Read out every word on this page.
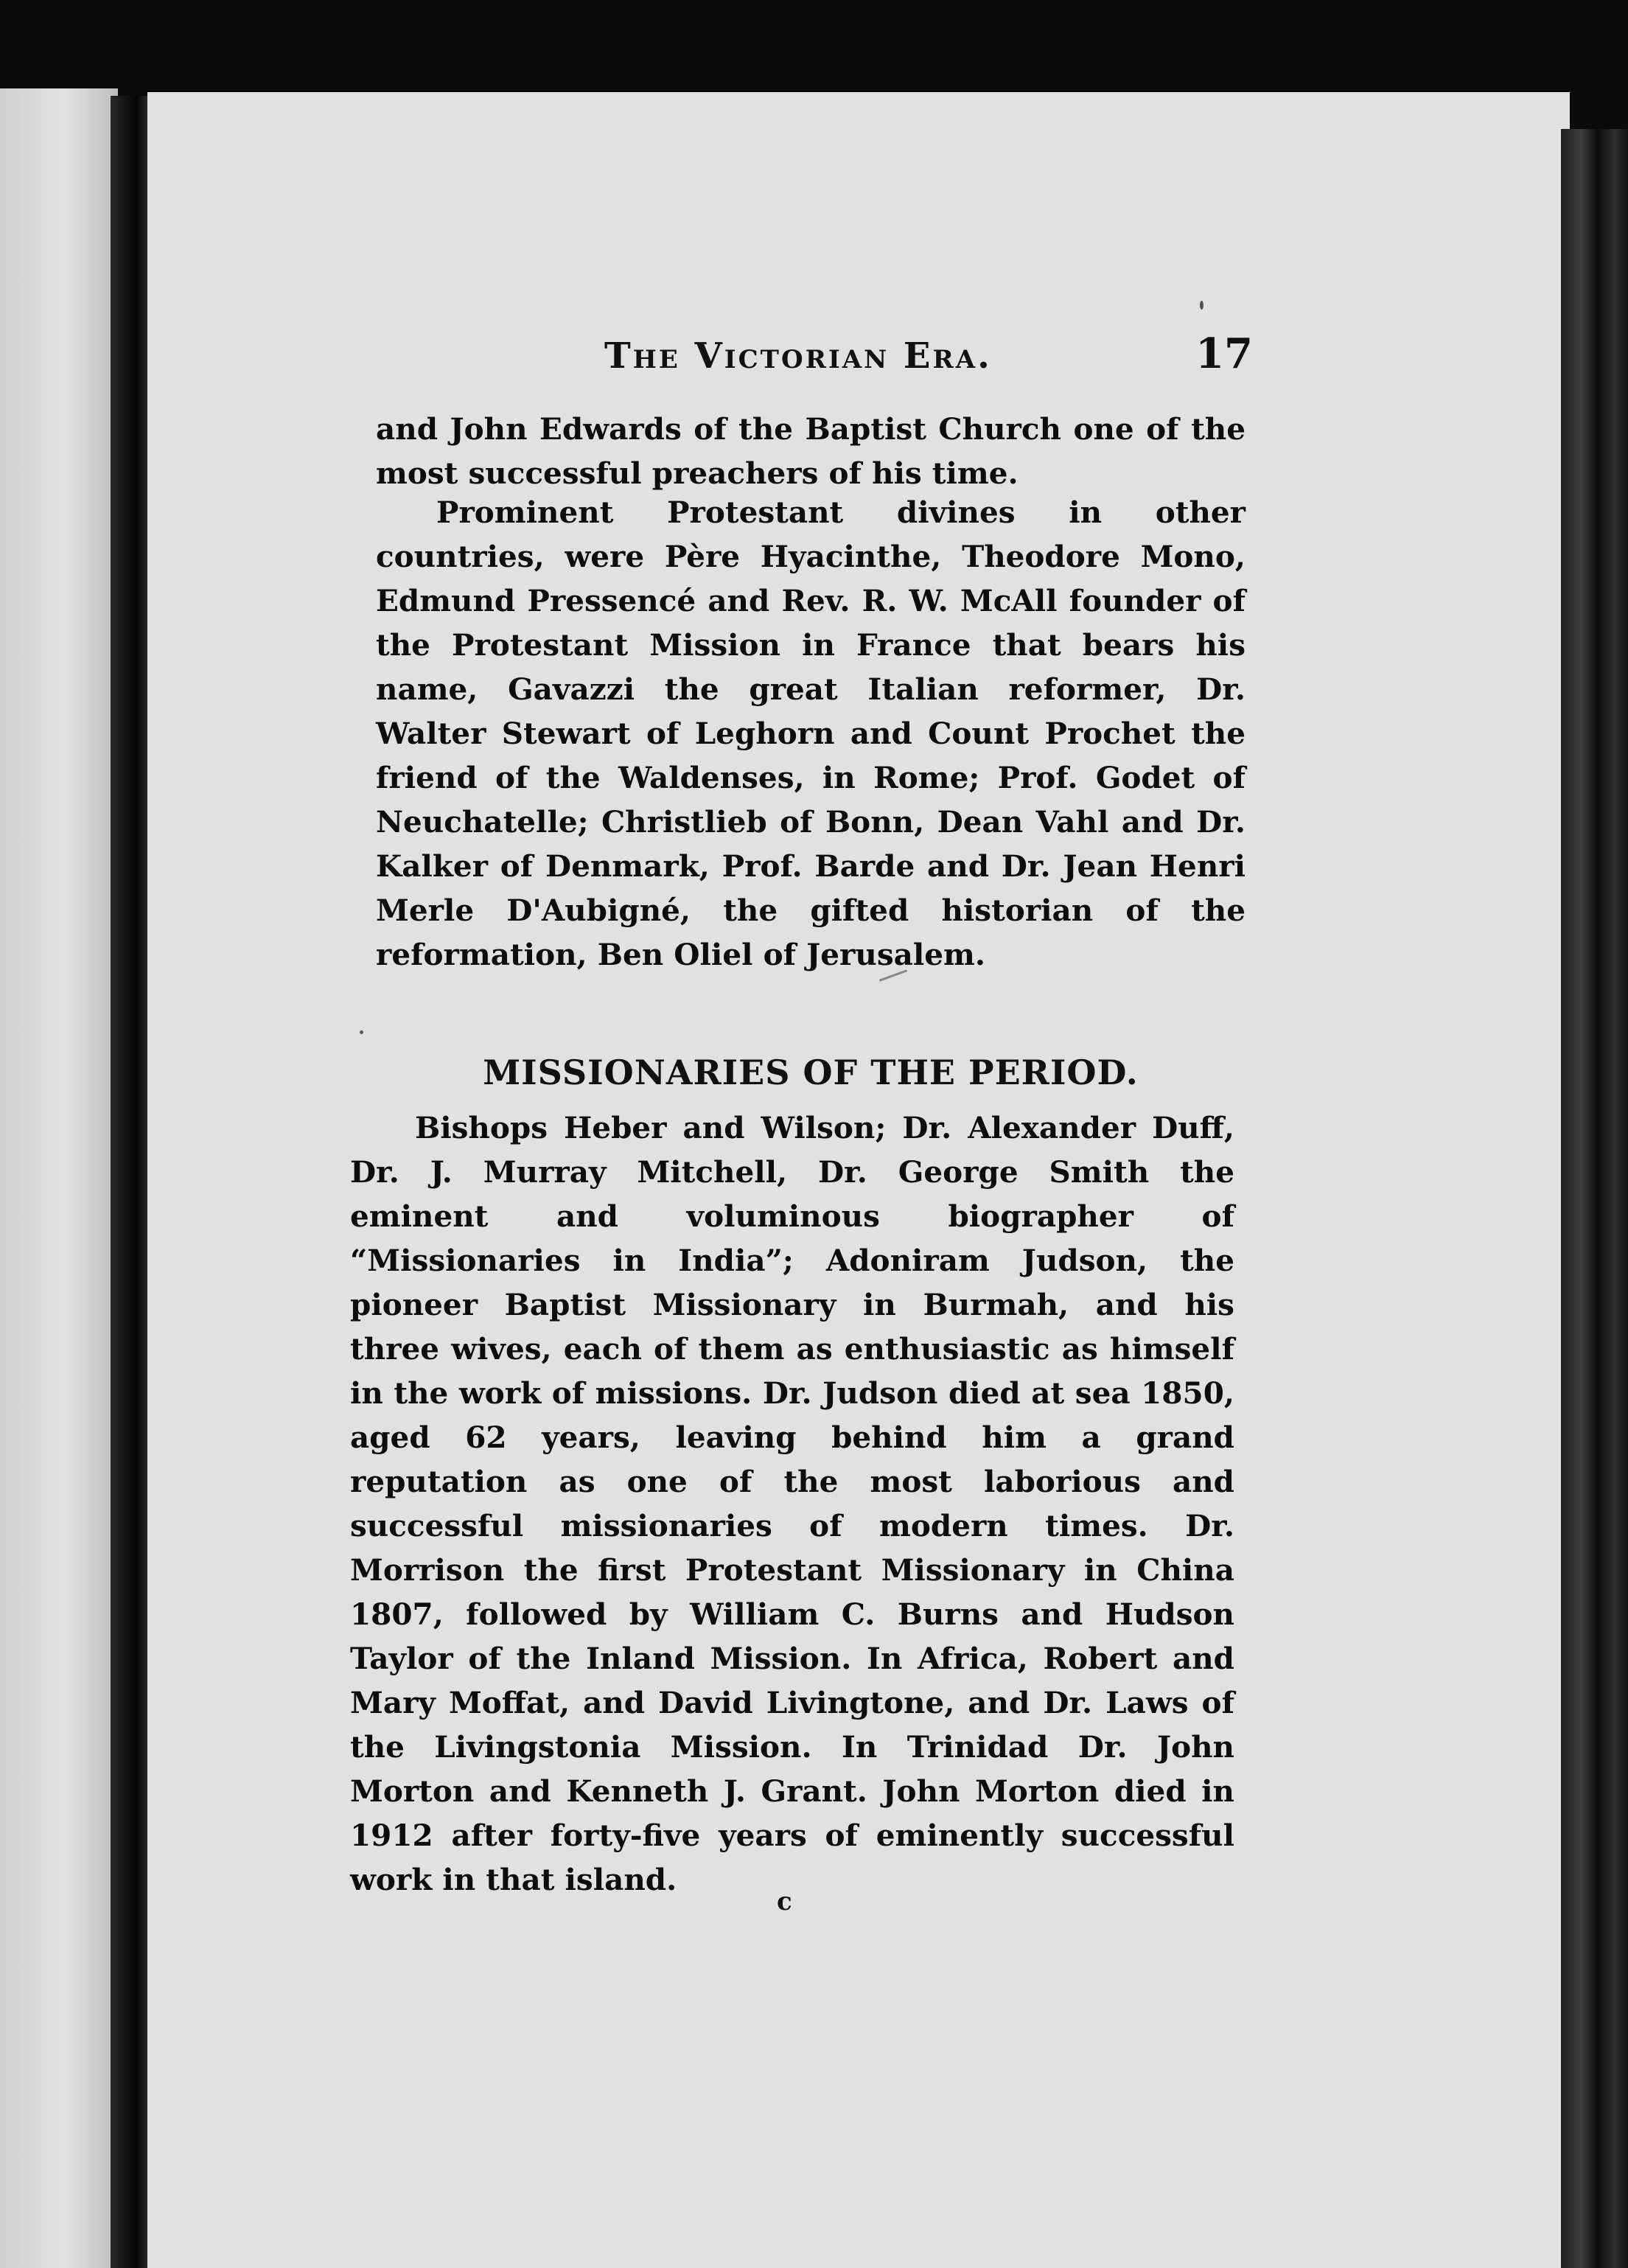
The Victorian Era.	17

and John Edwards of the Baptist Church one of the most successful preachers of his time.

Prominent Protestant divines in other countries, were Père Hyacinthe, Theodore Mono, Edmund Pressencé and Rev. R. W. McAll founder of the Protestant Mission in France that bears his name, Gavazzi the great Italian reformer, Dr. Walter Stewart of Leghorn and Count Prochet the friend of the Waldenses, in Rome; Prof. Godet of Neuchatelle; Christlieb of Bonn, Dean Vahl and Dr. Kalker of Denmark, Prof. Barde and Dr. Jean Henri Merle D'Aubigné, the gifted historian of the reformation, Ben Oliel of Jerusalem.

MISSIONARIES OF THE PERIOD.

Bishops Heber and Wilson; Dr. Alexander Duff, Dr. J. Murray Mitchell, Dr. George Smith the eminent and voluminous biographer of “Missionaries in India”; Adoniram Judson, the pioneer Baptist Missionary in Burmah, and his three wives, each of them as enthusiastic as himself in the work of missions. Dr. Judson died at sea 1850, aged 62 years, leaving behind him a grand reputation as one of the most laborious and successful missionaries of modern times. Dr. Morrison the first Protestant Missionary in China 1807, followed by William C. Burns and Hudson Taylor of the Inland Mission. In Africa, Robert and Mary Moffat, and David Livingtone, and Dr. Laws of the Livingstonia Mission. In Trinidad Dr. John Morton and Kenneth J. Grant. John Morton died in 1912 after forty-five years of eminently successful work in that island.

c
